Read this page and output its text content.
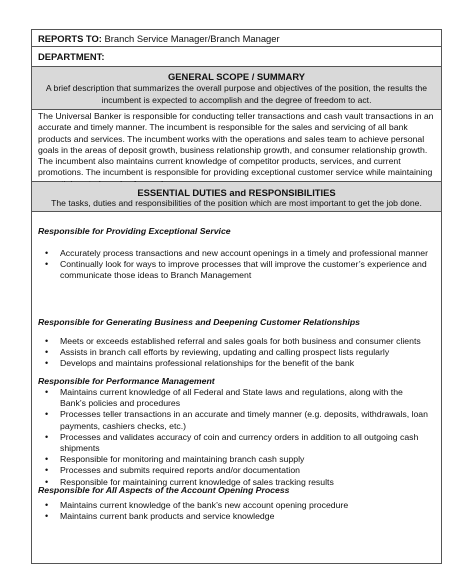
REPORTS TO: Branch Service Manager/Branch Manager
DEPARTMENT:
GENERAL SCOPE / SUMMARY
A brief description that summarizes the overall purpose and objectives of the position, the results the incumbent is expected to accomplish and the degree of freedom to act.
The Universal Banker is responsible for conducting teller transactions and cash vault transactions in an accurate and timely manner. The incumbent is responsible for the sales and servicing of all bank products and services. The incumbent works with the operations and sales team to achieve personal goals in the areas of deposit growth, business relationship growth, and consumer relationship growth. The incumbent also maintains current knowledge of competitor products, services, and current promotions. The incumbent is responsible for providing exceptional customer service while maintaining
ESSENTIAL DUTIES and RESPONSIBILITIES
The tasks, duties and responsibilities of the position which are most important to get the job done.
Responsible for Providing Exceptional Service
• Accurately process transactions and new account openings in a timely and professional manner
• Continually look for ways to improve processes that will improve the customer’s experience and communicate those ideas to Branch Management
Responsible for Generating Business and Deepening Customer Relationships
• Meets or exceeds established referral and sales goals for both business and consumer clients
• Assists in branch call efforts by reviewing, updating and calling prospect lists regularly
• Develops and maintains professional relationships for the benefit of the bank
Responsible for Performance Management
• Maintains current knowledge of all Federal and State laws and regulations, along with the Bank’s policies and procedures
• Processes teller transactions in an accurate and timely manner (e.g. deposits, withdrawals, loan payments, cashiers checks, etc.)
• Processes and validates accuracy of coin and currency orders in addition to all outgoing cash shipments
• Responsible for monitoring and maintaining branch cash supply
• Processes and submits required reports and/or documentation
• Responsible for maintaining current knowledge of sales tracking results
Responsible for All Aspects of the Account Opening Process
• Maintains current knowledge of the bank’s new account opening procedure
• Maintains current bank products and service knowledge
